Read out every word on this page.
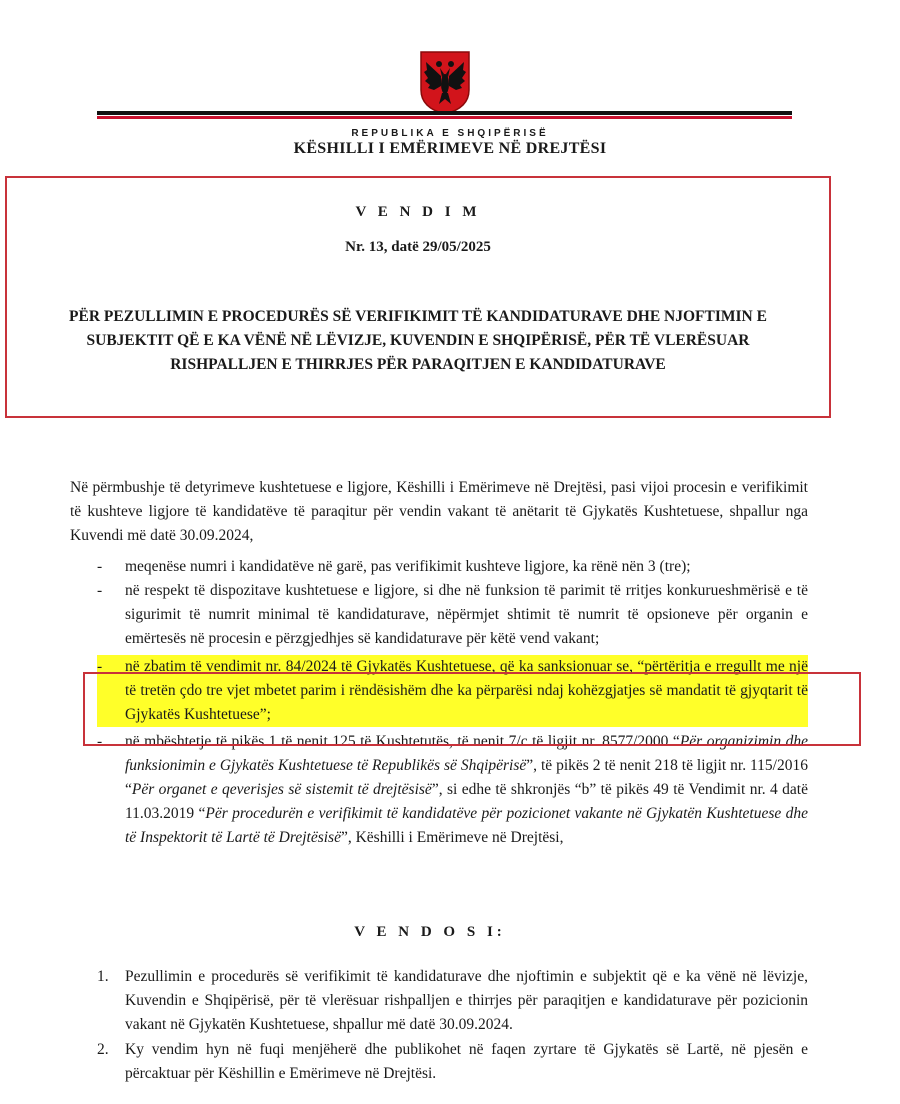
REPUBLIKA E SHQIPËRISË
KËSHILLI I EMËRIMEVE NË DREJTËSI
V E N D I M
Nr. 13, datë 29/05/2025
PËR PEZULLIMIN E PROCEDURËS SË VERIFIKIMIT TË KANDIDATURAVE DHE NJOFTIMIN E SUBJEKTIT QË E KA VËNË NË LËVIZJE, KUVENDIN E SHQIPËRISË, PËR TË VLERËSUAR RISHPALLJEN E THIRRJES PËR PARAQITJEN E KANDIDATURAVE

Në përmbushje të detyrimeve kushtetuese e ligjore, Këshilli i Emërimeve në Drejtësi, pasi vijoi procesin e verifikimit të kushteve ligjore të kandidatëve të paraqitur për vendin vakant të anëtarit të Gjykatës Kushtetuese, shpallur nga Kuvendi më datë 30.09.2024,

- meqenëse numri i kandidatëve në garë, pas verifikimit kushteve ligjore, ka rënë nën 3 (tre);
- në respekt të dispozitave kushtetuese e ligjore, si dhe në funksion të parimit të rritjes konkurueshmërisë e të sigurimit të numrit minimal të kandidaturave, nëpërmjet shtimit të numrit të opsioneve për organin e emërtesës në procesin e përzgjedhjes së kandidaturave për këtë vend vakant;
- në zbatim të vendimit nr. 84/2024 të Gjykatës Kushtetuese, që ka sanksionuar se, “përtëritja e rregullt me një të tretën çdo tre vjet mbetet parim i rëndësishëm dhe ka përparësi ndaj kohëzgjatjes së mandatit të gjyqtarit të Gjykatës Kushtetuese”;
- në mbështetje të pikës 1 të nenit 125 të Kushtetutës, të nenit 7/c të ligjit nr. 8577/2000 “Për organizimin dhe funksionimin e Gjykatës Kushtetuese të Republikës së Shqipërisë”, të pikës 2 të nenit 218 të ligjit nr. 115/2016 “Për organet e qeverisjes së sistemit të drejtësisë”, si edhe të shkronjës “b” të pikës 49 të Vendimit nr. 4 datë 11.03.2019 “Për procedurën e verifikimit të kandidatëve për pozicionet vakante në Gjykatën Kushtetuese dhe të Inspektorit të Lartë të Drejtësisë”, Këshilli i Emërimeve në Drejtësi,
V E N D O S I:
1. Pezullimin e procedurës së verifikimit të kandidaturave dhe njoftimin e subjektit që e ka vënë në lëvizje, Kuvendin e Shqipërisë, për të vlerësuar rishpalljen e thirrjes për paraqitjen e kandidaturave për pozicionin vakant në Gjykatën Kushtetuese, shpallur më datë 30.09.2024.
2. Ky vendim hyn në fuqi menjëherë dhe publikohet në faqen zyrtare të Gjykatës së Lartë, në pjesën e përcaktuar për Këshillin e Emërimeve në Drejtësi.
